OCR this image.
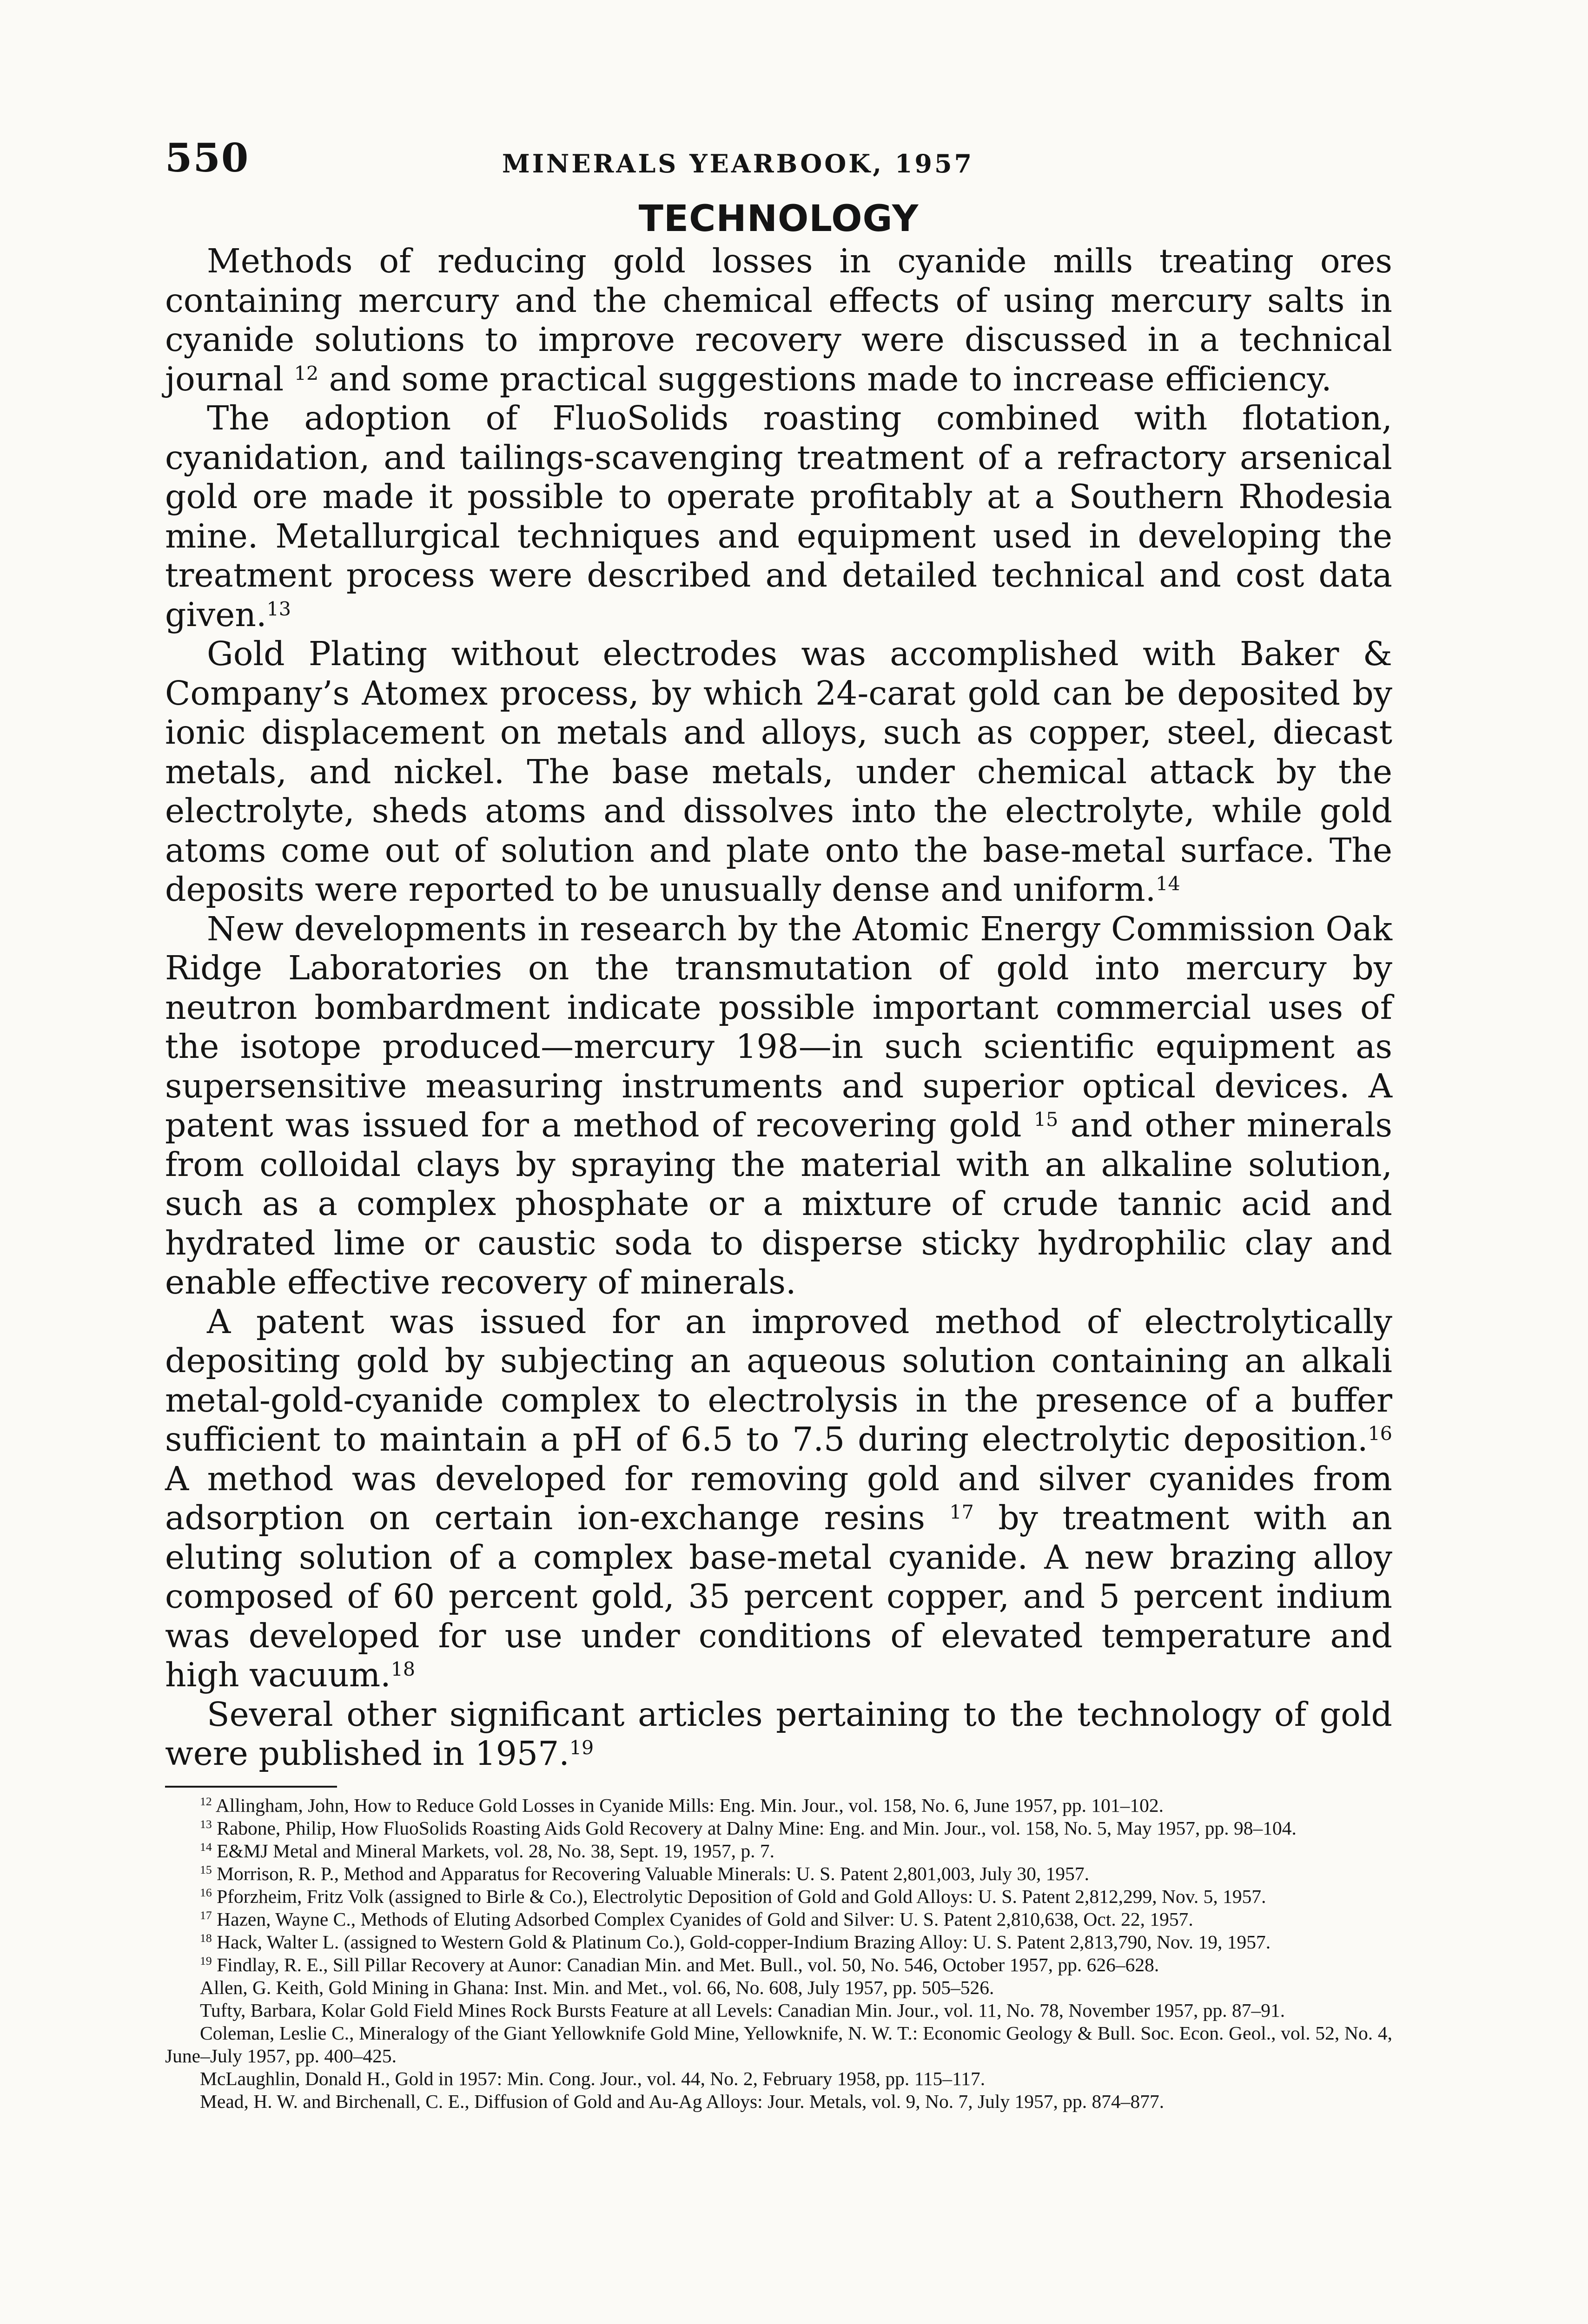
550	MINERALS YEARBOOK, 1957
TECHNOLOGY

Methods of reducing gold losses in cyanide mills treating ores containing mercury and the chemical effects of using mercury salts in cyanide solutions to improve recovery were discussed in a technical journal $^{12}$ and some practical suggestions made to increase efficiency.

The adoption of FluoSolids roasting combined with flotation, cyanidation, and tailings-scavenging treatment of a refractory arsenical gold ore made it possible to operate profitably at a Southern Rhodesia mine. Metallurgical techniques and equipment used in developing the treatment process were described and detailed technical and cost data given.$^{13}$

Gold Plating without electrodes was accomplished with Baker & Company’s Atomex process, by which 24-carat gold can be deposited by ionic displacement on metals and alloys, such as copper, steel, diecast metals, and nickel. The base metals, under chemical attack by the electrolyte, sheds atoms and dissolves into the electrolyte, while gold atoms come out of solution and plate onto the base-metal surface. The deposits were reported to be unusually dense and uniform.$^{14}$

New developments in research by the Atomic Energy Commission Oak Ridge Laboratories on the transmutation of gold into mercury by neutron bombardment indicate possible important commercial uses of the isotope produced—mercury 198—in such scientific equipment as supersensitive measuring instruments and superior optical devices. A patent was issued for a method of recovering gold $^{15}$ and other minerals from colloidal clays by spraying the material with an alkaline solution, such as a complex phosphate or a mixture of crude tannic acid and hydrated lime or caustic soda to disperse sticky hydrophilic clay and enable effective recovery of minerals.

A patent was issued for an improved method of electrolytically depositing gold by subjecting an aqueous solution containing an alkali metal-gold-cyanide complex to electrolysis in the presence of a buffer sufficient to maintain a pH of 6.5 to 7.5 during electrolytic deposition.$^{16}$ A method was developed for removing gold and silver cyanides from adsorption on certain ion-exchange resins $^{17}$ by treatment with an eluting solution of a complex base-metal cyanide. A new brazing alloy composed of 60 percent gold, 35 percent copper, and 5 percent indium was developed for use under conditions of elevated temperature and high vacuum.$^{18}$

Several other significant articles pertaining to the technology of gold were published in 1957.19

$^{12}$ Allingham, John, How to Reduce Gold Losses in Cyanide Mills: Eng. Min. Jour., vol. 158, No. 6, June 1957, pp. 101–102.

$^{13}$ Rabone, Philip, How FluoSolids Roasting Aids Gold Recovery at Dalny Mine: Eng. and Min. Jour., vol. 158, No. 5, May 1957, pp. 98–104.

$^{14}$ E&MJ Metal and Mineral Markets, vol. 28, No. 38, Sept. 19, 1957, p. 7.

$^{15}$ Morrison, R. P., Method and Apparatus for Recovering Valuable Minerals: U. S. Patent 2,801,003, July 30, 1957.

$^{16}$ Pforzheim, Fritz Volk (assigned to Birle & Co.), Electrolytic Deposition of Gold and Gold Alloys: U. S. Patent 2,812,299, Nov. 5, 1957.

$^{17}$ Hazen, Wayne C., Methods of Eluting Adsorbed Complex Cyanides of Gold and Silver: U. S. Patent 2,810,638, Oct. 22, 1957.

$^{18}$ Hack, Walter L. (assigned to Western Gold & Platinum Co.), Gold-copper-Indium Brazing Alloy: U. S. Patent 2,813,790, Nov. 19, 1957.

$^{19}$ Findlay, R. E., Sill Pillar Recovery at Aunor: Canadian Min. and Met. Bull., vol. 50, No. 546, October 1957, pp. 626–628.

Allen, G. Keith, Gold Mining in Ghana: Inst. Min. and Met., vol. 66, No. 608, July 1957, pp. 505–526.

Tufty, Barbara, Kolar Gold Field Mines Rock Bursts Feature at all Levels: Canadian Min. Jour., vol. 11, No. 78, November 1957, pp. 87–91.

Coleman, Leslie C., Mineralogy of the Giant Yellowknife Gold Mine, Yellowknife, N. W. T.: Economic Geology & Bull. Soc. Econ. Geol., vol. 52, No. 4, June–July 1957, pp. 400–425.

McLaughlin, Donald H., Gold in 1957: Min. Cong. Jour., vol. 44, No. 2, February 1958, pp. 115–117.

Mead, H. W. and Birchenall, C. E., Diffusion of Gold and Au-Ag Alloys: Jour. Metals, vol. 9, No. 7, July 1957, pp. 874–877.
